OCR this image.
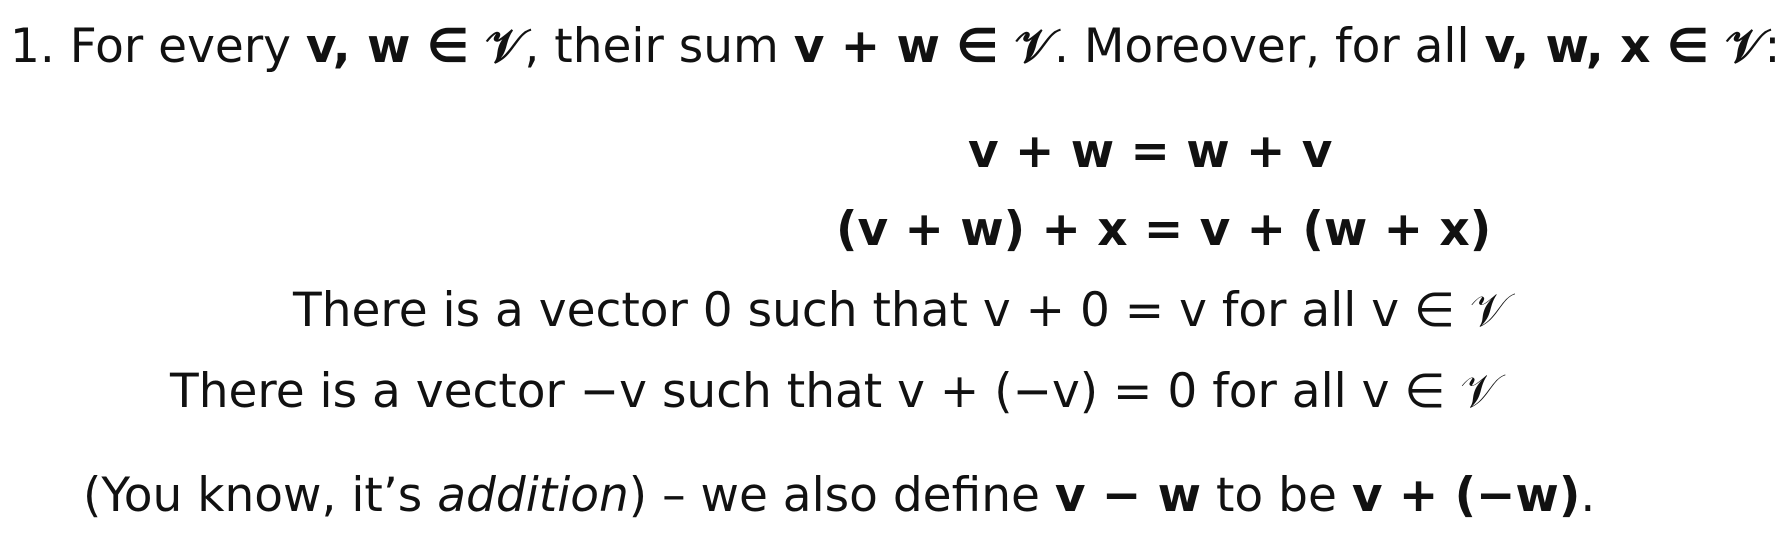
1. For every v, w ∈ 𝒱, their sum v + w ∈ 𝒱. Moreover, for all v, w, x ∈ 𝒱:
v + w = w + v
(v + w) + x = v + (w + x)
There is a vector 0 such that v + 0 = v for all v ∈ 𝒱
There is a vector −v such that v + (−v) = 0 for all v ∈ 𝒱
(You know, it’s addition) – we also define v − w to be v + (−w).
